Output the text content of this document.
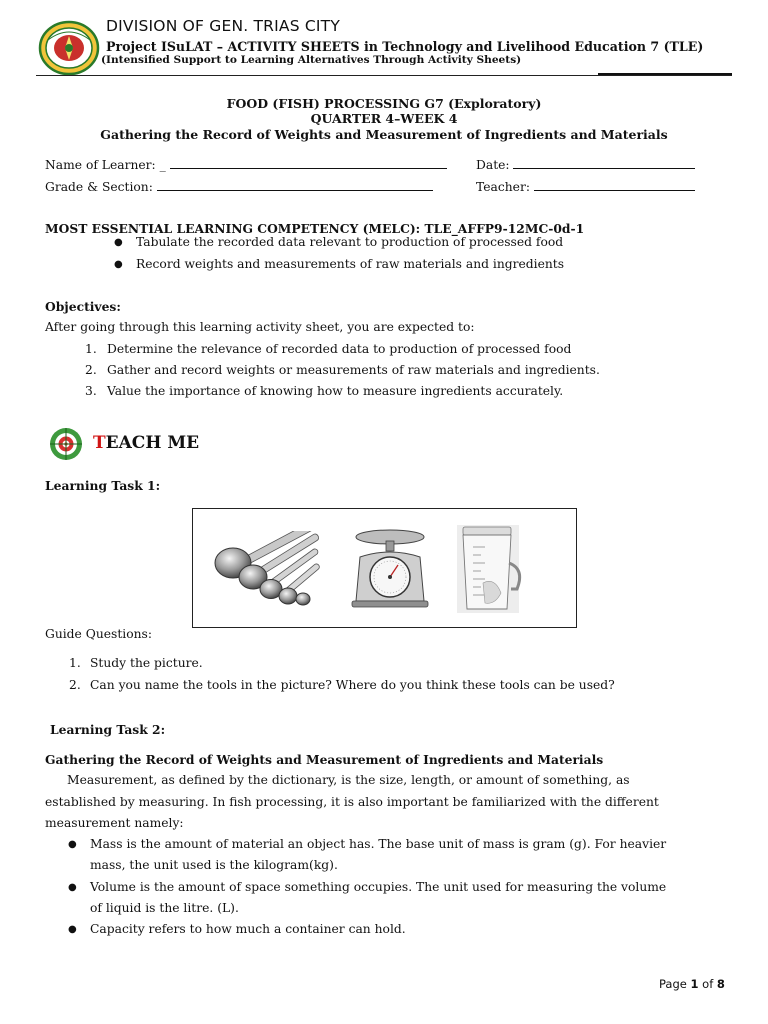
DIVISION OF GEN. TRIAS CITY
Project ISuLAT – ACTIVITY SHEETS in Technology and Livelihood Education 7 (TLE)
(Intensified Support to Learning Alternatives Through Activity Sheets)
FOOD (FISH) PROCESSING G7 (Exploratory)
QUARTER 4–WEEK 4
Gathering the Record of Weights and Measurement of Ingredients and Materials
Name of Learner: _	Date:
Grade & Section:	Teacher:
MOST ESSENTIAL LEARNING COMPETENCY (MELC): TLE_AFFP9-12MC-0d-1
● Tabulate the recorded data relevant to production of processed food
● Record weights and measurements of raw materials and ingredients
Objectives:
After going through this learning activity sheet, you are expected to:
1. Determine the relevance of recorded data to production of processed food
2. Gather and record weights or measurements of raw materials and ingredients.
3. Value the importance of knowing how to measure ingredients accurately.
TEACH ME
Learning Task 1:
Guide Questions:
1. Study the picture.
2. Can you name the tools in the picture? Where do you think these tools can be used?
Learning Task 2:
Gathering the Record of Weights and Measurement of Ingredients and Materials
Measurement, as defined by the dictionary, is the size, length, or amount of something, as
established by measuring. In fish processing, it is also important be familiarized with the different
measurement namely:
● Mass is the amount of material an object has. The base unit of mass is gram (g). For heavier
mass, the unit used is the kilogram(kg).
● Volume is the amount of space something occupies. The unit used for measuring the volume
of liquid is the litre. (L).
● Capacity refers to how much a container can hold.
Page 1 of 8
